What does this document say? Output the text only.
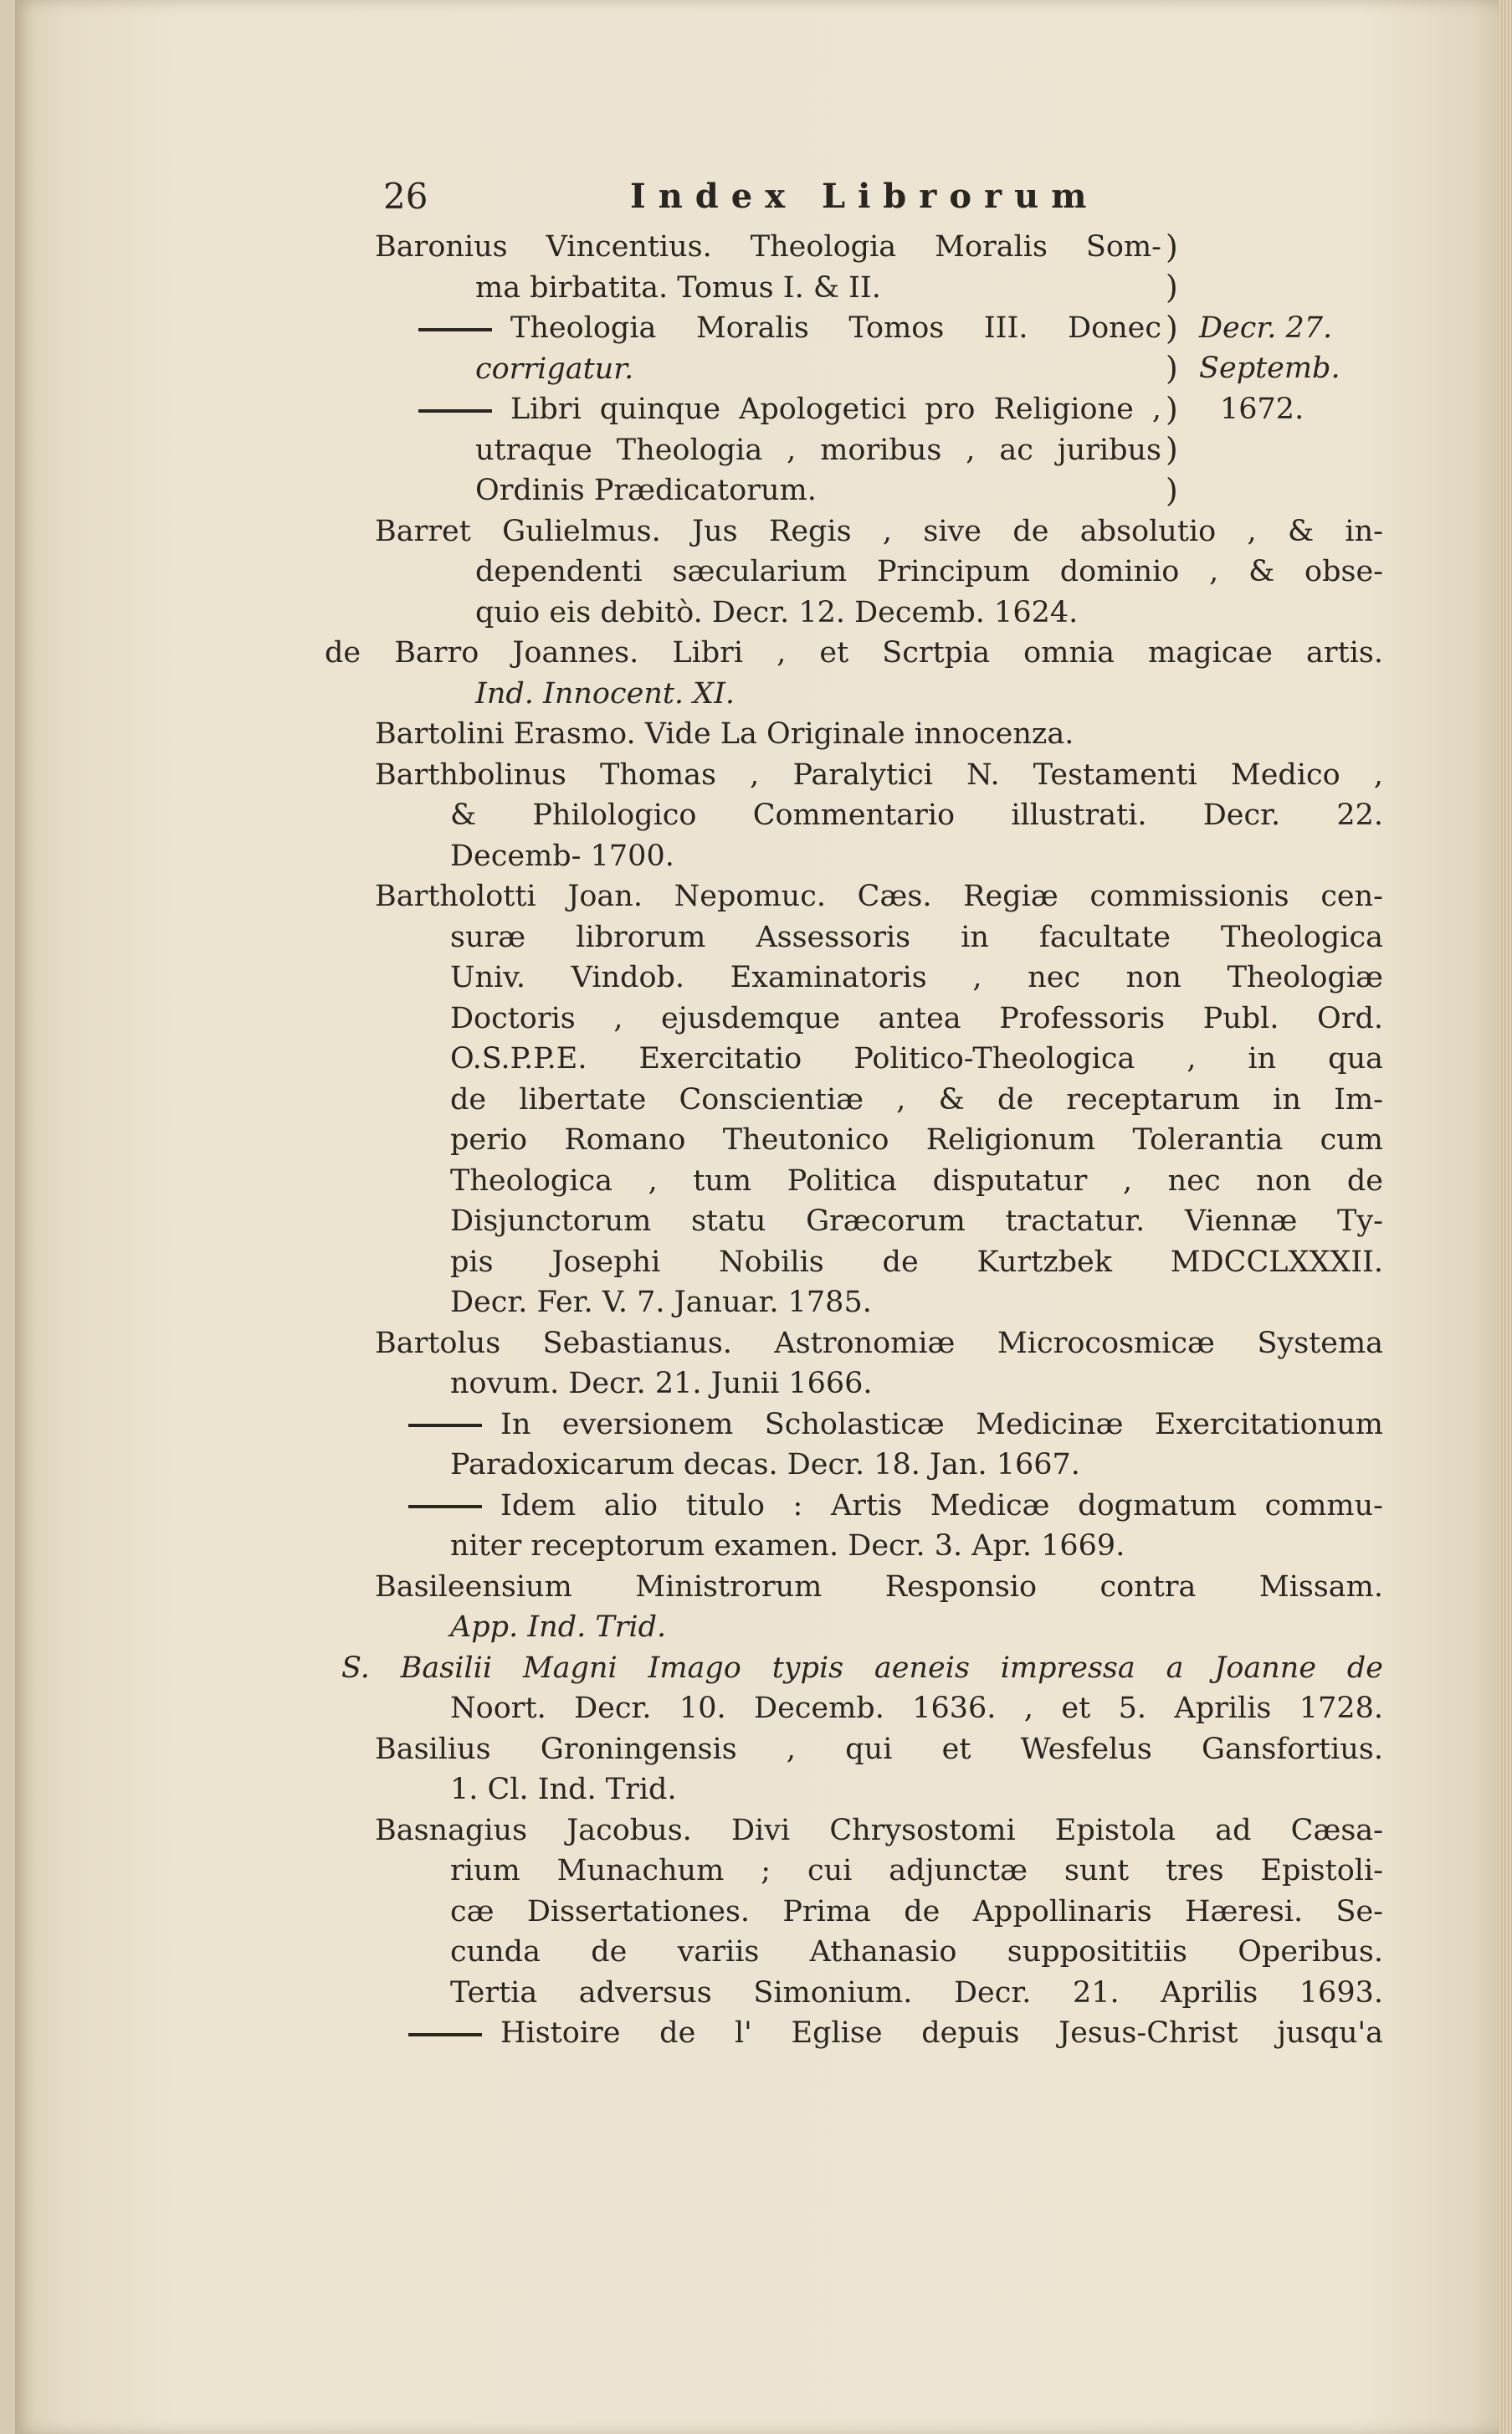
26	Index Librorum
Baronius Vincentius. Theologia Moralis Som-
ma birbatita. Tomus I. & II.
Theologia Moralis Tomos III. Donec
corrigatur.
Libri quinque Apologetici pro Religione ,
utraque Theologia , moribus , ac juribus
Ordinis Prædicatorum.
)
)
)
)
)
)
)
Decr. 27.
Septemb.
1672.
Barret Gulielmus. Jus Regis , sive de absolutio , & in-
dependenti sæcularium Principum dominio , & obse-
quio eis debitò. Decr. 12. Decemb. 1624.
de Barro Joannes. Libri , et Scrtpia omnia magicae artis.
Ind. Innocent. XI.
Bartolini Erasmo. Vide La Originale innocenza.
Barthbolinus Thomas , Paralytici N. Testamenti Medico ,
& Philologico Commentario illustrati. Decr. 22.
Decemb- 1700.
Bartholotti Joan. Nepomuc. Cæs. Regiæ commissionis cen-
suræ librorum Assessoris in facultate Theologica
Univ. Vindob. Examinatoris , nec non Theologiæ
Doctoris , ejusdemque antea Professoris Publ. Ord.
O.S.P.P.E. Exercitatio Politico-Theologica , in qua
de libertate Conscientiæ , & de receptarum in Im-
perio Romano Theutonico Religionum Tolerantia cum
Theologica , tum Politica disputatur , nec non de
Disjunctorum statu Græcorum tractatur. Viennæ Ty-
pis Josephi Nobilis de Kurtzbek MDCCLXXXII.
Decr. Fer. V. 7. Januar. 1785.
Bartolus Sebastianus. Astronomiæ Microcosmicæ Systema
novum. Decr. 21. Junii 1666.
In eversionem Scholasticæ Medicinæ Exercitationum
Paradoxicarum decas. Decr. 18. Jan. 1667.
Idem alio titulo : Artis Medicæ dogmatum commu-
niter receptorum examen. Decr. 3. Apr. 1669.
Basileensium Ministrorum Responsio contra Missam.
App. Ind. Trid.
S. Basilii Magni Imago typis aeneis impressa a Joanne de
Noort. Decr. 10. Decemb. 1636. , et 5. Aprilis 1728.
Basilius Groningensis , qui et Wesfelus Gansfortius.
1. Cl. Ind. Trid.
Basnagius Jacobus. Divi Chrysostomi Epistola ad Cæsa-
rium Munachum ; cui adjunctæ sunt tres Epistoli-
cæ Dissertationes. Prima de Appollinaris Hæresi. Se-
cunda de variis Athanasio supposititiis Operibus.
Tertia adversus Simonium. Decr. 21. Aprilis 1693.
Histoire de l' Eglise depuis Jesus-Christ jusqu'a
